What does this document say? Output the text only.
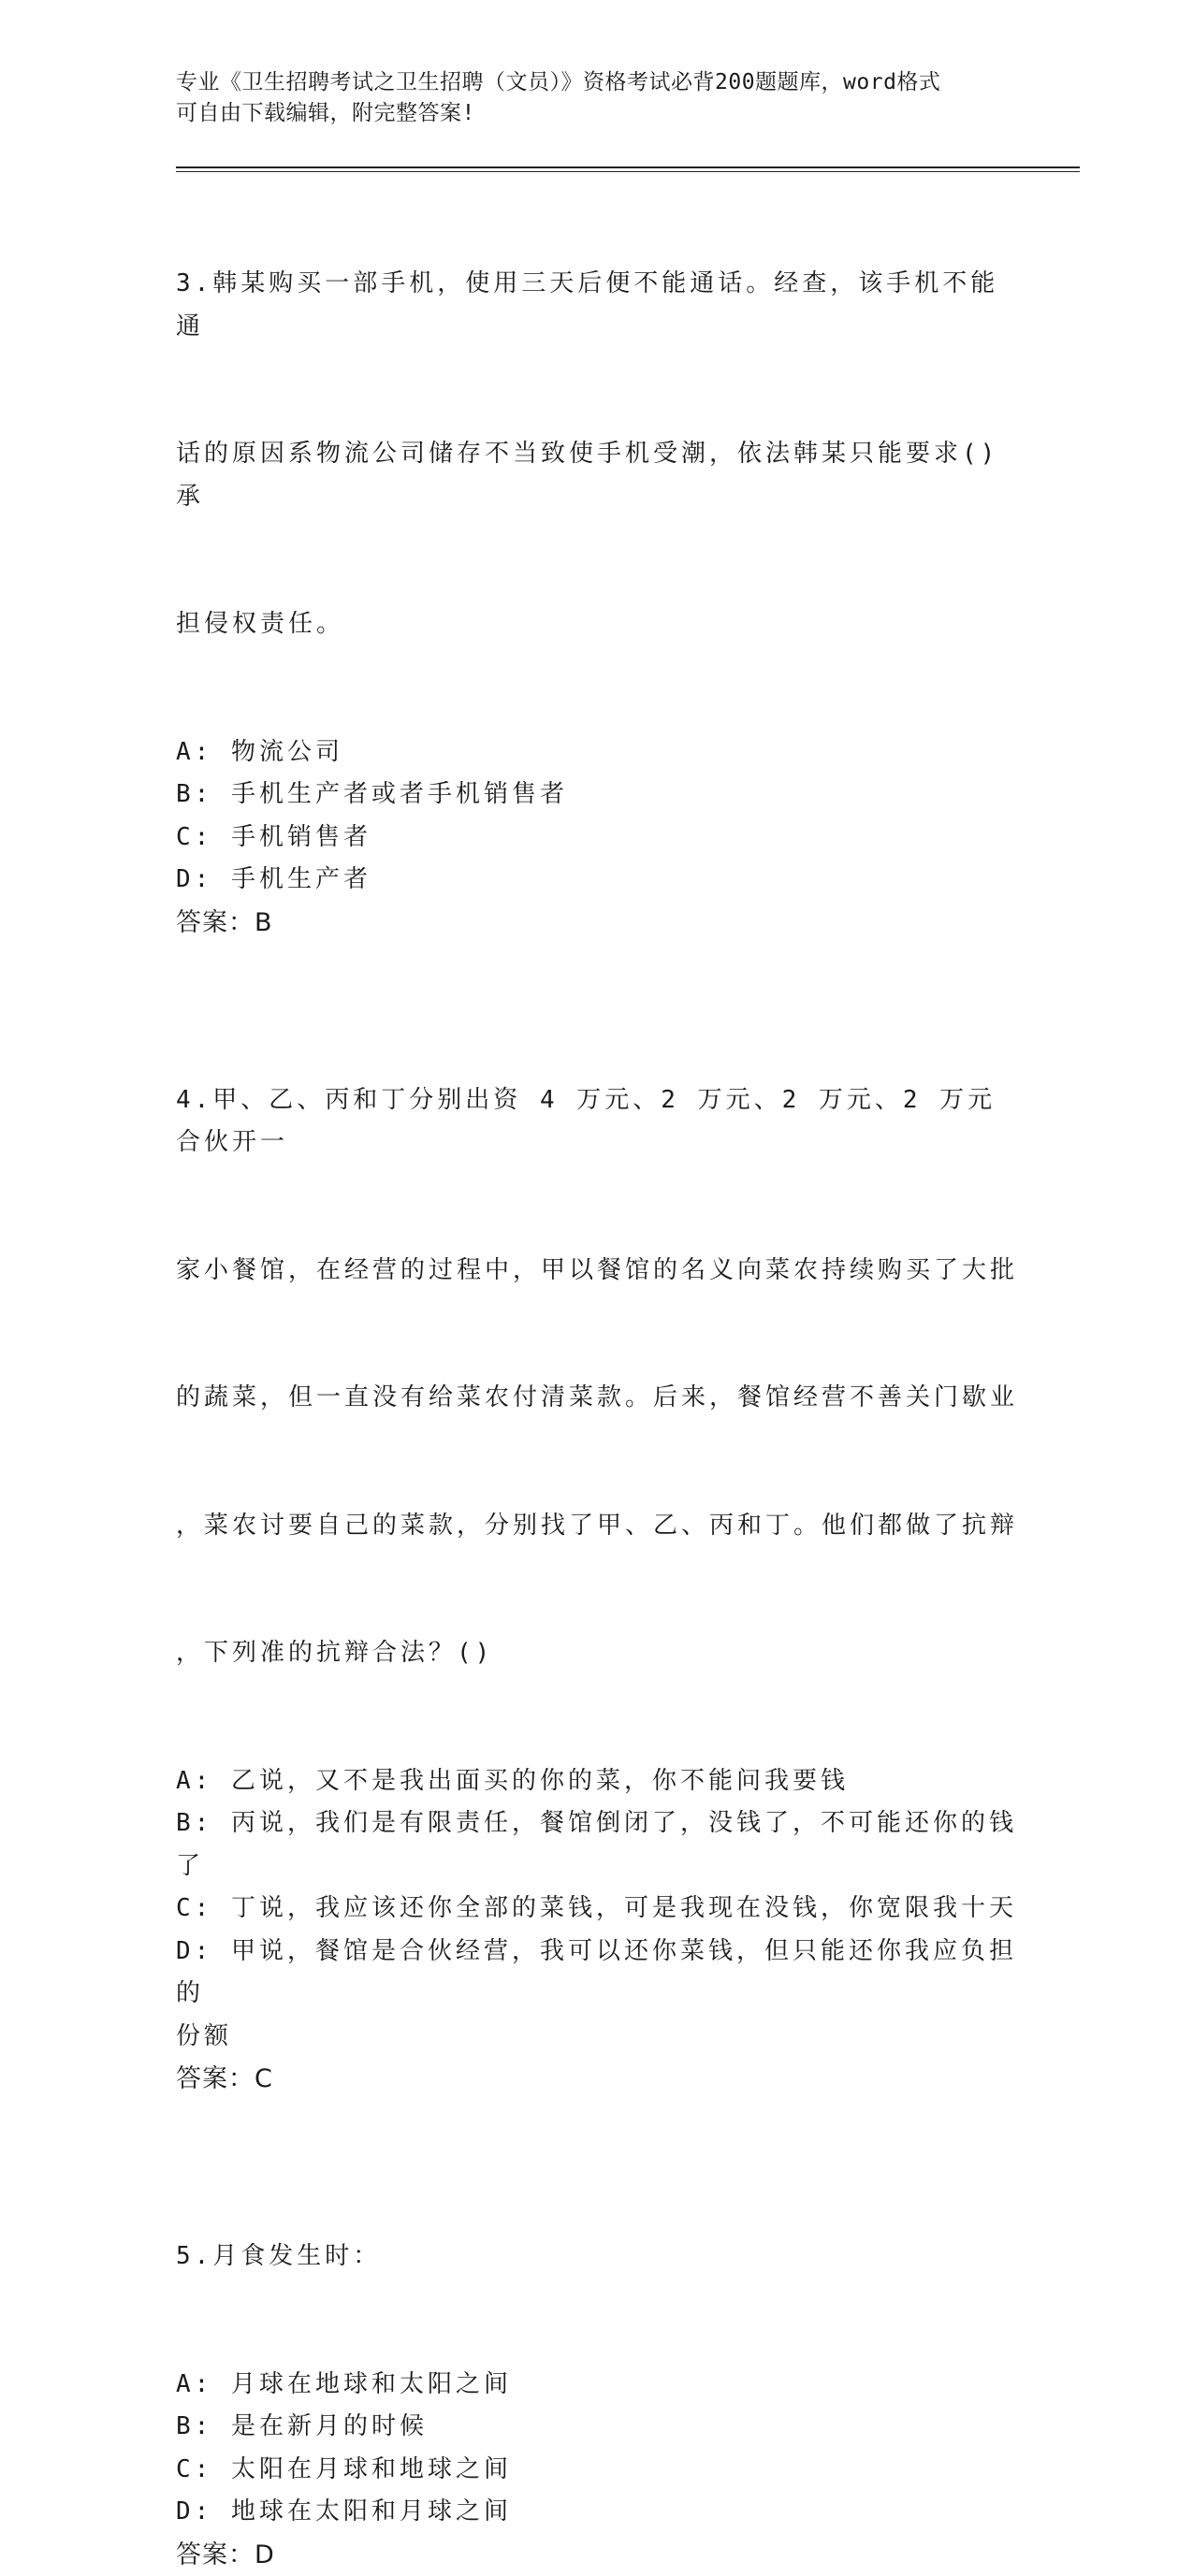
专业《卫生招聘考试之卫生招聘（文员）》资格考试必背200题题库，word格式
可自由下载编辑，附完整答案!

3.韩某购买一部手机，使用三天后便不能通话。经查，该手机不能通

话的原因系物流公司储存不当致使手机受潮，依法韩某只能要求()承

担侵权责任。

A: 物流公司
B: 手机生产者或者手机销售者
C: 手机销售者
D: 手机生产者
答案：B

4.甲、乙、丙和丁分别出资 4 万元、2 万元、2 万元、2 万元合伙开一

家小餐馆，在经营的过程中，甲以餐馆的名义向菜农持续购买了大批

的蔬菜，但一直没有给菜农付清菜款。后来，餐馆经营不善关门歇业

，菜农讨要自己的菜款，分别找了甲、乙、丙和丁。他们都做了抗辩

，下列准的抗辩合法？()

A: 乙说，又不是我出面买的你的菜，你不能问我要钱
B: 丙说，我们是有限责任，餐馆倒闭了，没钱了，不可能还你的钱了
C: 丁说，我应该还你全部的菜钱，可是我现在没钱，你宽限我十天
D: 甲说，餐馆是合伙经营，我可以还你菜钱，但只能还你我应负担的
份额
答案：C

5.月食发生时：

A: 月球在地球和太阳之间
B: 是在新月的时候
C: 太阳在月球和地球之间
D: 地球在太阳和月球之间
答案：D
